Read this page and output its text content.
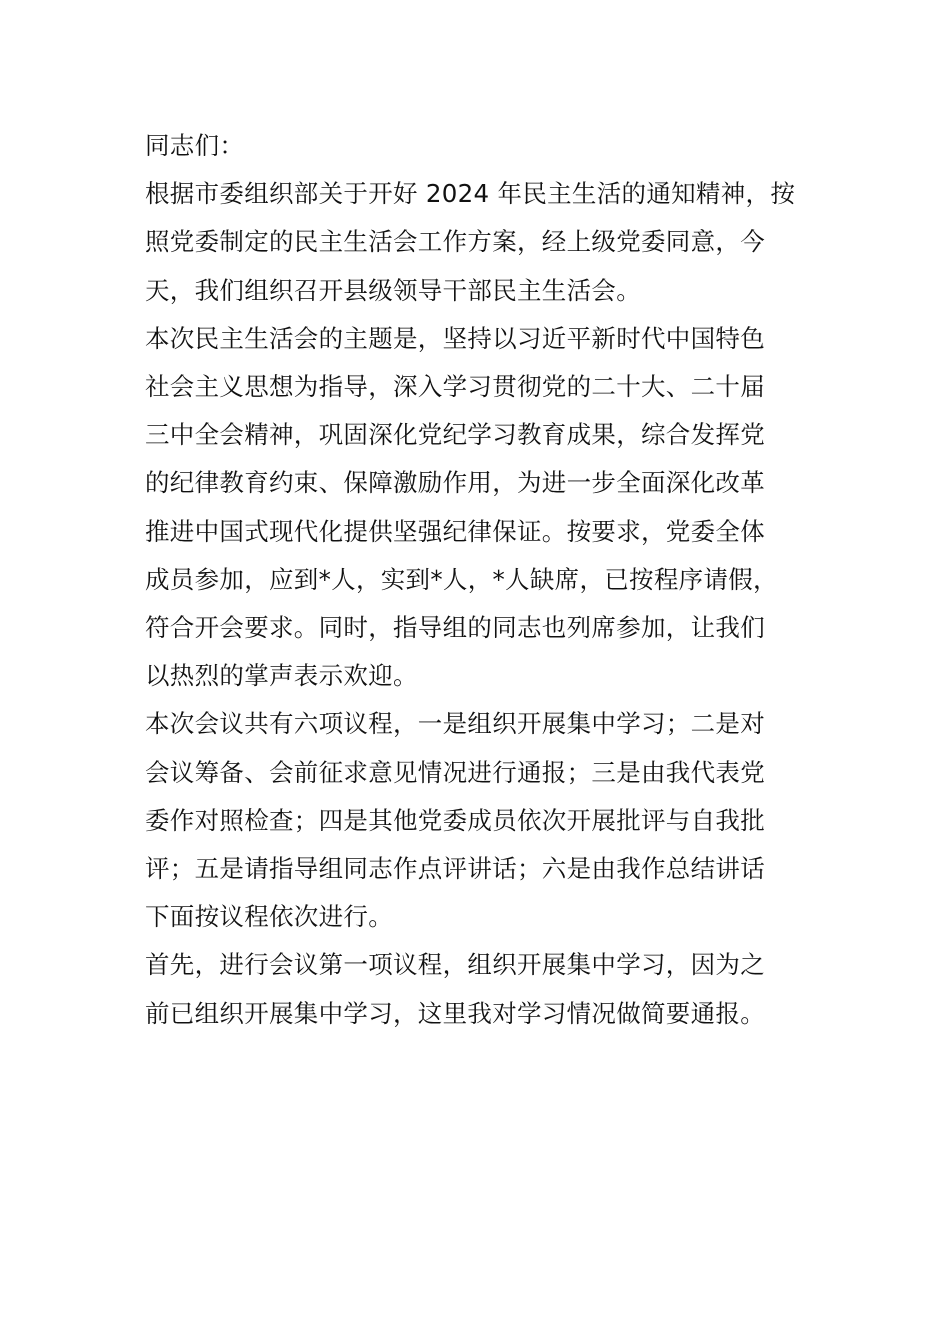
同志们：

根据市委组织部关于开好 2024 年民主生活的通知精神，按
照党委制定的民主生活会工作方案，经上级党委同意，今
天，我们组织召开县级领导干部民主生活会。

本次民主生活会的主题是，坚持以习近平新时代中国特色
社会主义思想为指导，深入学习贯彻党的二十大、二十届
三中全会精神，巩固深化党纪学习教育成果，综合发挥党
的纪律教育约束、保障激励作用，为进一步全面深化改革
推进中国式现代化提供坚强纪律保证。按要求，党委全体
成员参加，应到*人，实到*人，*人缺席，已按程序请假，
符合开会要求。同时，指导组的同志也列席参加，让我们
以热烈的掌声表示欢迎。

本次会议共有六项议程，一是组织开展集中学习；二是对
会议筹备、会前征求意见情况进行通报；三是由我代表党
委作对照检查；四是其他党委成员依次开展批评与自我批
评；五是请指导组同志作点评讲话；六是由我作总结讲话
下面按议程依次进行。

首先，进行会议第一项议程，组织开展集中学习，因为之
前已组织开展集中学习，这里我对学习情况做简要通报。
